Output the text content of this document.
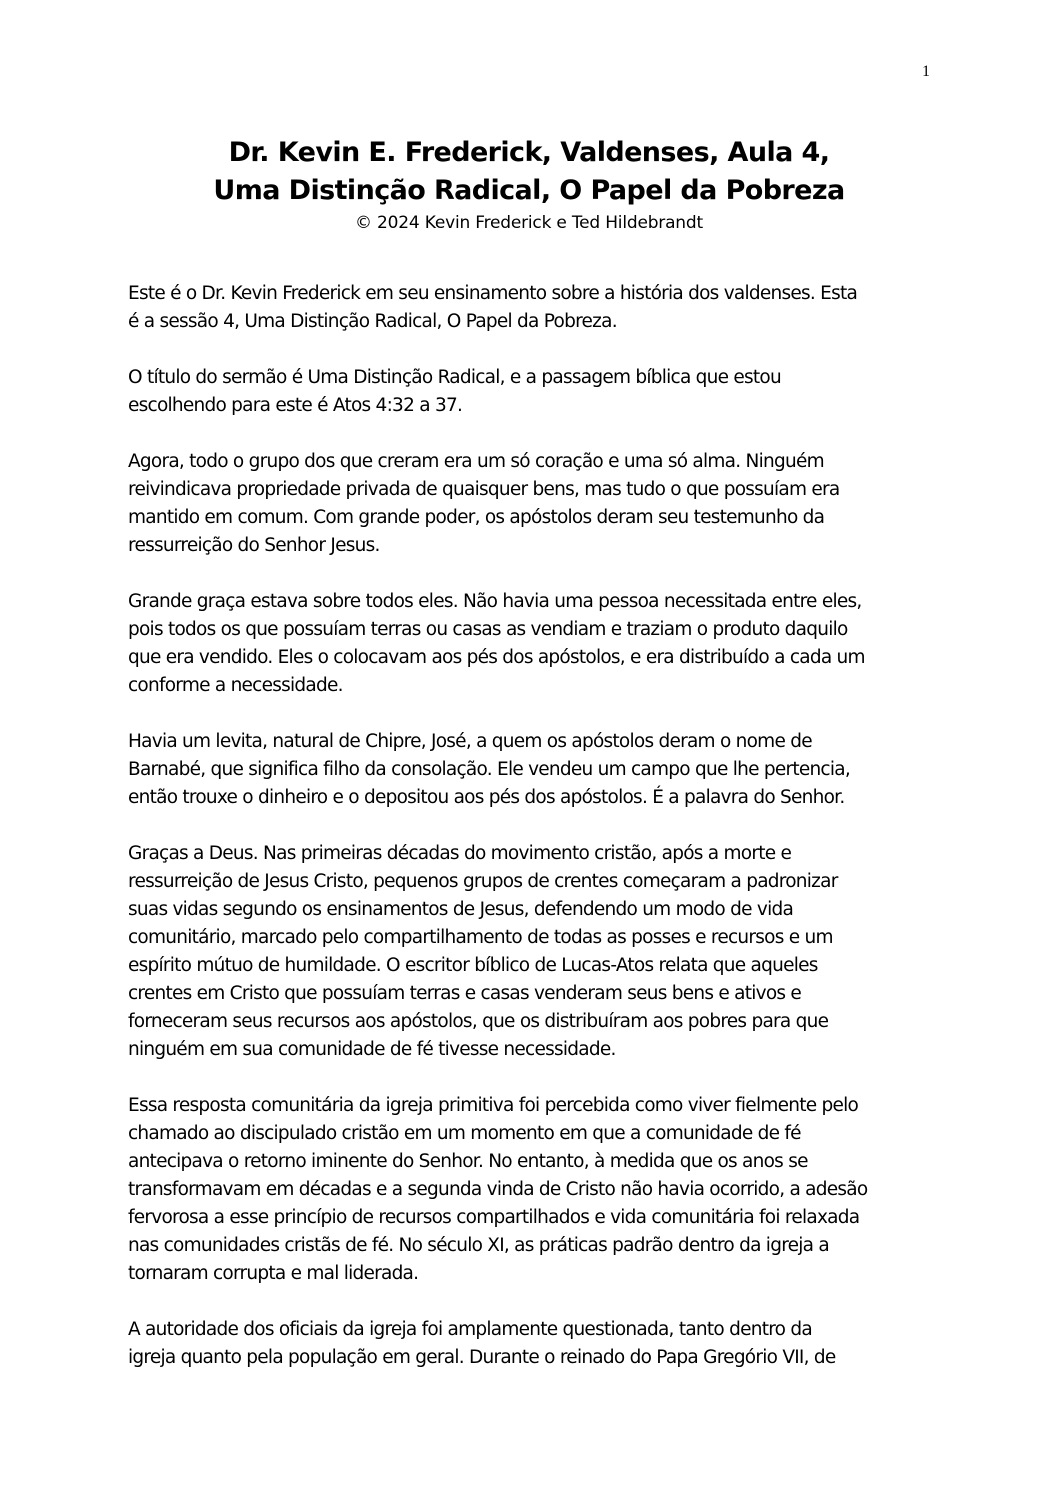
1
Dr. Kevin E. Frederick, Valdenses, Aula 4,
Uma Distinção Radical, O Papel da Pobreza
© 2024 Kevin Frederick e Ted Hildebrandt
Este é o Dr. Kevin Frederick em seu ensinamento sobre a história dos valdenses. Esta
é a sessão 4, Uma Distinção Radical, O Papel da Pobreza.
O título do sermão é Uma Distinção Radical, e a passagem bíblica que estou
escolhendo para este é Atos 4:32 a 37.
Agora, todo o grupo dos que creram era um só coração e uma só alma. Ninguém
reivindicava propriedade privada de quaisquer bens, mas tudo o que possuíam era
mantido em comum. Com grande poder, os apóstolos deram seu testemunho da
ressurreição do Senhor Jesus.
Grande graça estava sobre todos eles. Não havia uma pessoa necessitada entre eles,
pois todos os que possuíam terras ou casas as vendiam e traziam o produto daquilo
que era vendido. Eles o colocavam aos pés dos apóstolos, e era distribuído a cada um
conforme a necessidade.
Havia um levita, natural de Chipre, José, a quem os apóstolos deram o nome de
Barnabé, que significa filho da consolação. Ele vendeu um campo que lhe pertencia,
então trouxe o dinheiro e o depositou aos pés dos apóstolos. É a palavra do Senhor.
Graças a Deus. Nas primeiras décadas do movimento cristão, após a morte e
ressurreição de Jesus Cristo, pequenos grupos de crentes começaram a padronizar
suas vidas segundo os ensinamentos de Jesus, defendendo um modo de vida
comunitário, marcado pelo compartilhamento de todas as posses e recursos e um
espírito mútuo de humildade. O escritor bíblico de Lucas-Atos relata que aqueles
crentes em Cristo que possuíam terras e casas venderam seus bens e ativos e
forneceram seus recursos aos apóstolos, que os distribuíram aos pobres para que
ninguém em sua comunidade de fé tivesse necessidade.
Essa resposta comunitária da igreja primitiva foi percebida como viver fielmente pelo
chamado ao discipulado cristão em um momento em que a comunidade de fé
antecipava o retorno iminente do Senhor. No entanto, à medida que os anos se
transformavam em décadas e a segunda vinda de Cristo não havia ocorrido, a adesão
fervorosa a esse princípio de recursos compartilhados e vida comunitária foi relaxada
nas comunidades cristãs de fé. No século XI, as práticas padrão dentro da igreja a
tornaram corrupta e mal liderada.
A autoridade dos oficiais da igreja foi amplamente questionada, tanto dentro da
igreja quanto pela população em geral. Durante o reinado do Papa Gregório VII, de
